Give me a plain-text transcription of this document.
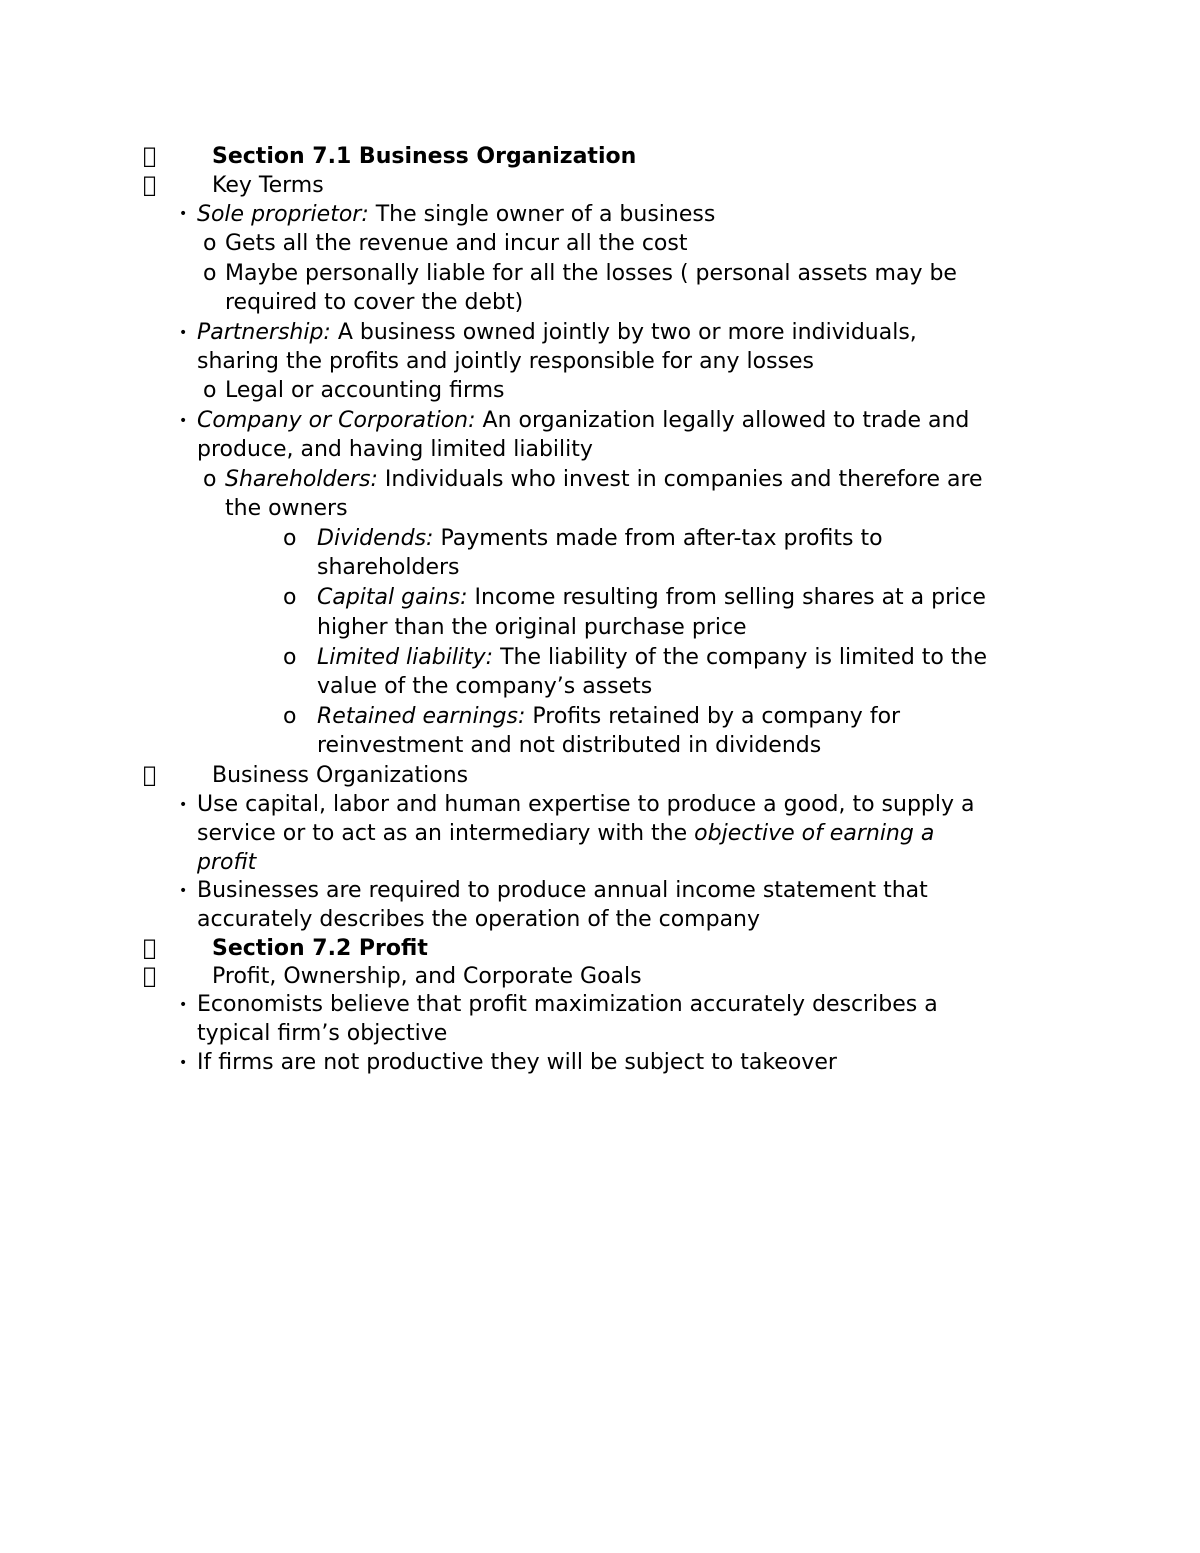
Section 7.1 Business Organization
Key Terms
• Sole proprietor: The single owner of a business
o Gets all the revenue and incur all the cost
o Maybe personally liable for all the losses ( personal assets may be
required to cover the debt)
• Partnership: A business owned jointly by two or more individuals,
sharing the profits and jointly responsible for any losses
o Legal or accounting firms
• Company or Corporation: An organization legally allowed to trade and
produce, and having limited liability
o Shareholders: Individuals who invest in companies and therefore are
the owners
o Dividends: Payments made from after-tax profits to
shareholders
o Capital gains: Income resulting from selling shares at a price
higher than the original purchase price
o Limited liability: The liability of the company is limited to the
value of the company’s assets
o Retained earnings: Profits retained by a company for
reinvestment and not distributed in dividends
Business Organizations
• Use capital, labor and human expertise to produce a good, to supply a
service or to act as an intermediary with the objective of earning a
profit
• Businesses are required to produce annual income statement that
accurately describes the operation of the company
Section 7.2 Profit
Profit, Ownership, and Corporate Goals
• Economists believe that profit maximization accurately describes a
typical firm’s objective
• If firms are not productive they will be subject to takeover
